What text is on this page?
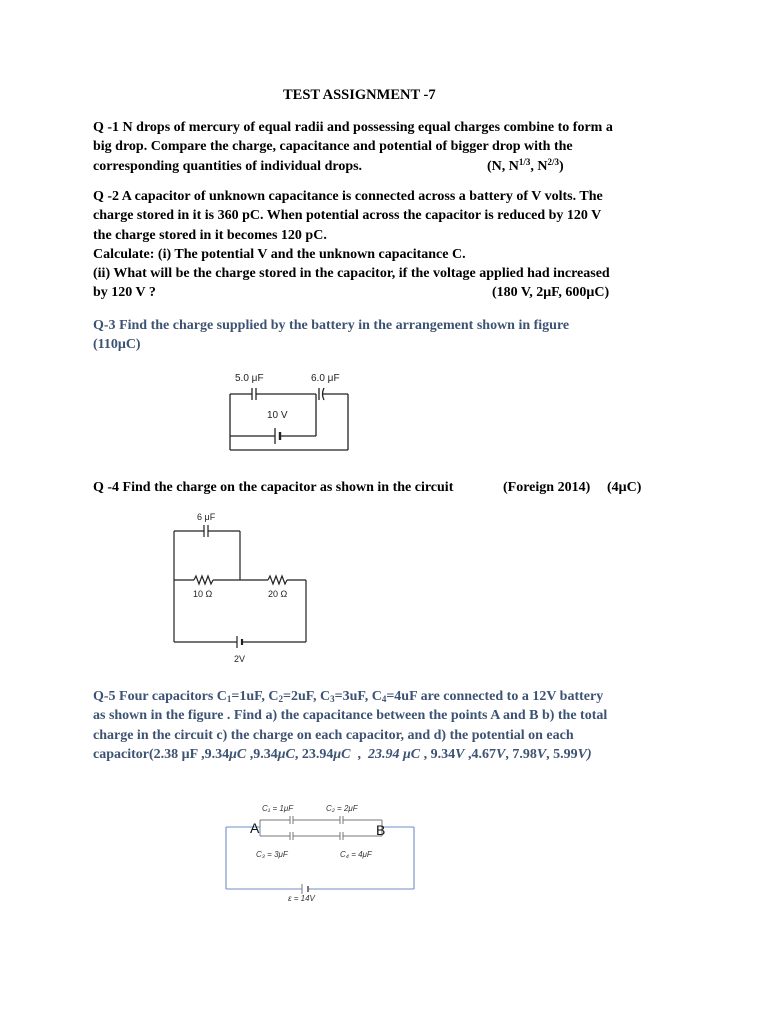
TEST ASSIGNMENT -7

Q -1 N drops of mercury of equal radii and possessing equal charges combine to form a

big drop. Compare the charge, capacitance and potential of bigger drop with the

corresponding quantities of individual drops.	(N, $N^{1/3}$, $N^{2/3}$)

Q -2 A capacitor of unknown capacitance is connected across a battery of V volts. The

charge stored in it is 360 pC. When potential across the capacitor is reduced by 120 V

the charge stored in it becomes 120 pC.

Calculate: (i) The potential V and the unknown capacitance C.

(ii) What will be the charge stored in the capacitor, if the voltage applied had increased

by 120 V ?	(180 V, 2μF, 600μC)

Q-3 Find the charge supplied by the battery in the arrangement shown in figure

(110μC)

5.0 μF	6.0 μF
10 V

Q -4 Find the charge on the capacitor as shown in the circuit	(Foreign 2014) (4μC)

6 μF
10 Ω	20 Ω
2V

Q-5 Four capacitors $C_1=1uF$, $C_2=2uF$, $C_3=3uF$, $C_4=4uF$ are connected to a 12V battery

as shown in the figure . Find a) the capacitance between the points A and B b) the total

charge in the circuit c) the charge on each capacitor, and d) the potential on each

capacitor(2.38 μF ,9.34μC ,9.34μC, 23.94μC  ,  23.94 μC , 9.34V ,4.67V, 7.98V, 5.99V)

C₁ = 1μF	C₂ = 2μF
C₃ = 3μF	C₄ = 4μF
ε = 14V
A	B
